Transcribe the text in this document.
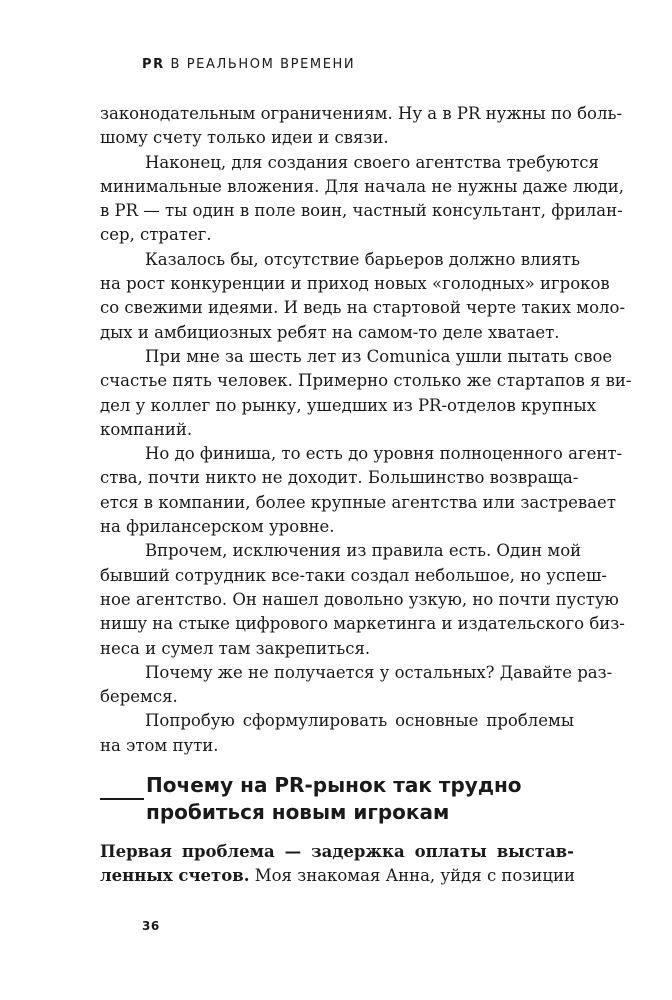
PR В РЕАЛЬНОМ ВРЕМЕНИ
законодательным ограничениям. Ну а в PR нужны по боль-
шому счету только идеи и связи.
Наконец, для создания своего агентства требуются
минимальные вложения. Для начала не нужны даже люди,
в PR — ты один в поле воин, частный консультант, фрилан-
сер, стратег.
Казалось бы, отсутствие барьеров должно влиять
на рост конкуренции и приход новых «голодных» игроков
со свежими идеями. И ведь на стартовой черте таких моло-
дых и амбициозных ребят на самом-то деле хватает.
При мне за шесть лет из Comunica ушли пытать свое
счастье пять человек. Примерно столько же стартапов я ви-
дел у коллег по рынку, ушедших из PR-отделов крупных
компаний.
Но до финиша, то есть до уровня полноценного агент-
ства, почти никто не доходит. Большинство возвраща-
ется в компании, более крупные агентства или застревает
на фрилансерском уровне.
Впрочем, исключения из правила есть. Один мой
бывший сотрудник все-таки создал небольшое, но успеш-
ное агентство. Он нашел довольно узкую, но почти пустую
нишу на стыке цифрового маркетинга и издательского биз-
неса и сумел там закрепиться.
Почему же не получается у остальных? Давайте раз-
беремся.
Попробую сформулировать основные проблемы
на этом пути.
Почему на PR-рынок так трудно
пробиться новым игрокам
Первая проблема — задержка оплаты выстав-
ленных счетов. Моя знакомая Анна, уйдя с позиции
36
